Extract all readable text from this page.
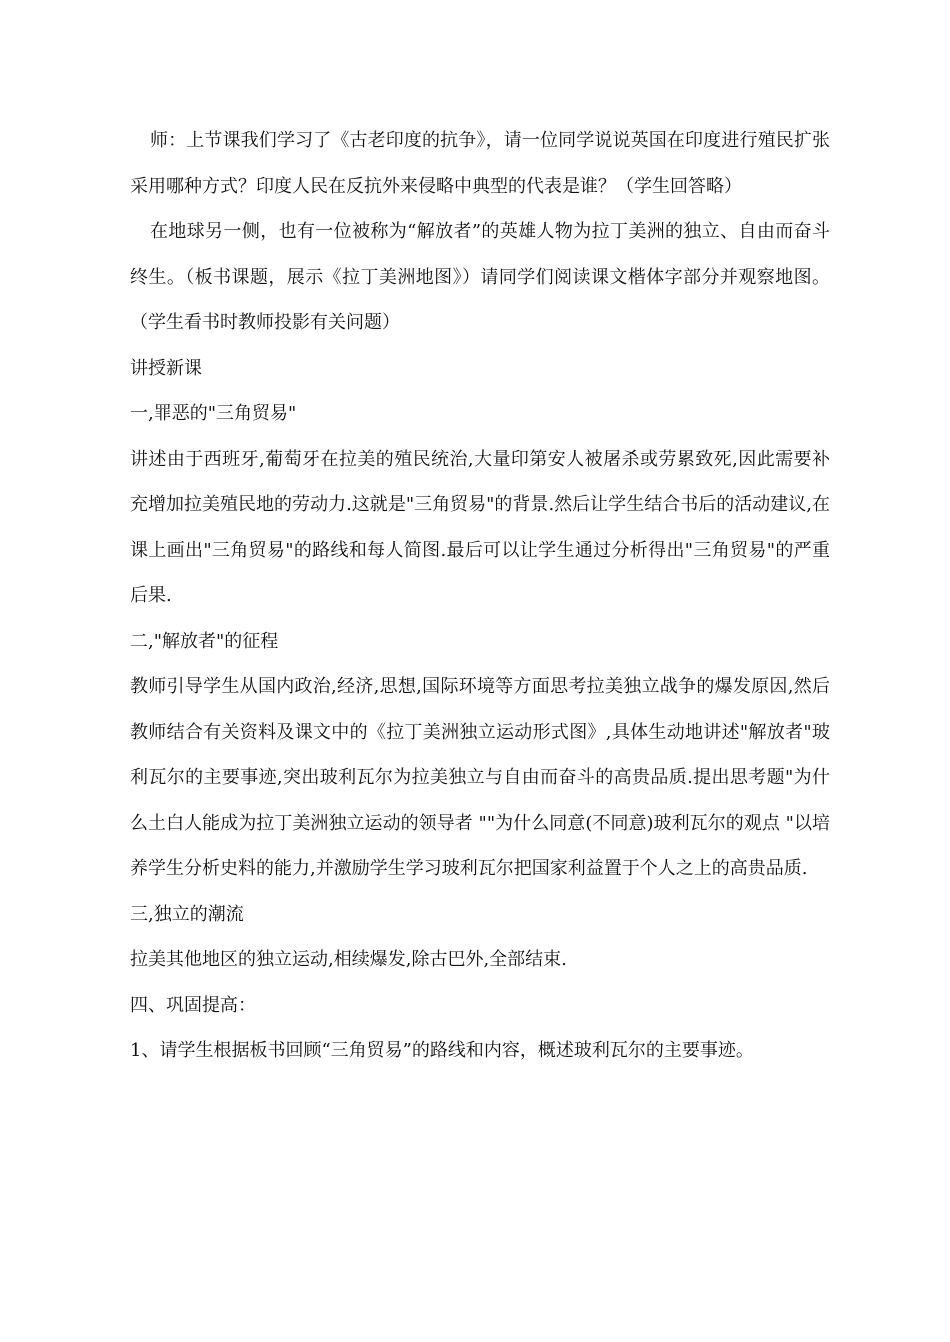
师：上节课我们学习了《古老印度的抗争》，请一位同学说说英国在印度进行殖民扩张采用哪种方式？印度人民在反抗外来侵略中典型的代表是谁？（学生回答略）

在地球另一侧，也有一位被称为“解放者”的英雄人物为拉丁美洲的独立、自由而奋斗终生。（板书课题，展示《拉丁美洲地图》）请同学们阅读课文楷体字部分并观察地图。（学生看书时教师投影有关问题）

讲授新课

一,罪恶的"三角贸易"

讲述由于西班牙,葡萄牙在拉美的殖民统治,大量印第安人被屠杀或劳累致死,因此需要补充增加拉美殖民地的劳动力.这就是"三角贸易"的背景.然后让学生结合书后的活动建议,在课上画出"三角贸易"的路线和每人简图.最后可以让学生通过分析得出"三角贸易"的严重后果.

二,"解放者"的征程

教师引导学生从国内政治,经济,思想,国际环境等方面思考拉美独立战争的爆发原因,然后教师结合有关资料及课文中的《拉丁美洲独立运动形式图》,具体生动地讲述"解放者"玻利瓦尔的主要事迹,突出玻利瓦尔为拉美独立与自由而奋斗的高贵品质.提出思考题"为什么土白人能成为拉丁美洲独立运动的领导者 ""为什么同意(不同意)玻利瓦尔的观点 "以培养学生分析史料的能力,并激励学生学习玻利瓦尔把国家利益置于个人之上的高贵品质.

三,独立的潮流

拉美其他地区的独立运动,相续爆发,除古巴外,全部结束.

四、巩固提高：

1、请学生根据板书回顾“三角贸易”的路线和内容，概述玻利瓦尔的主要事迹。
